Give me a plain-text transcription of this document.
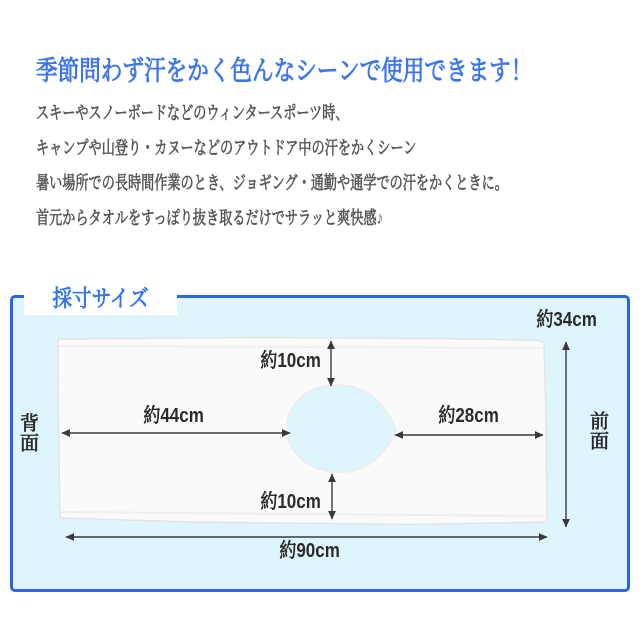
季節問わず汗をかく色んなシーンで使用できます！
スキーやスノーボードなどのウィンタースポーツ時、
キャンプや山登り・カヌーなどのアウトドア中の汗をかくシーン
暑い場所での長時間作業のとき、ジョギング・通勤や通学での汗をかくときに。
首元からタオルをすっぽり抜き取るだけでサラッと爽快感♪
採寸サイズ
約44cm	約28cm
約10cm
約10cm
約34cm
約90cm
背面	前面
